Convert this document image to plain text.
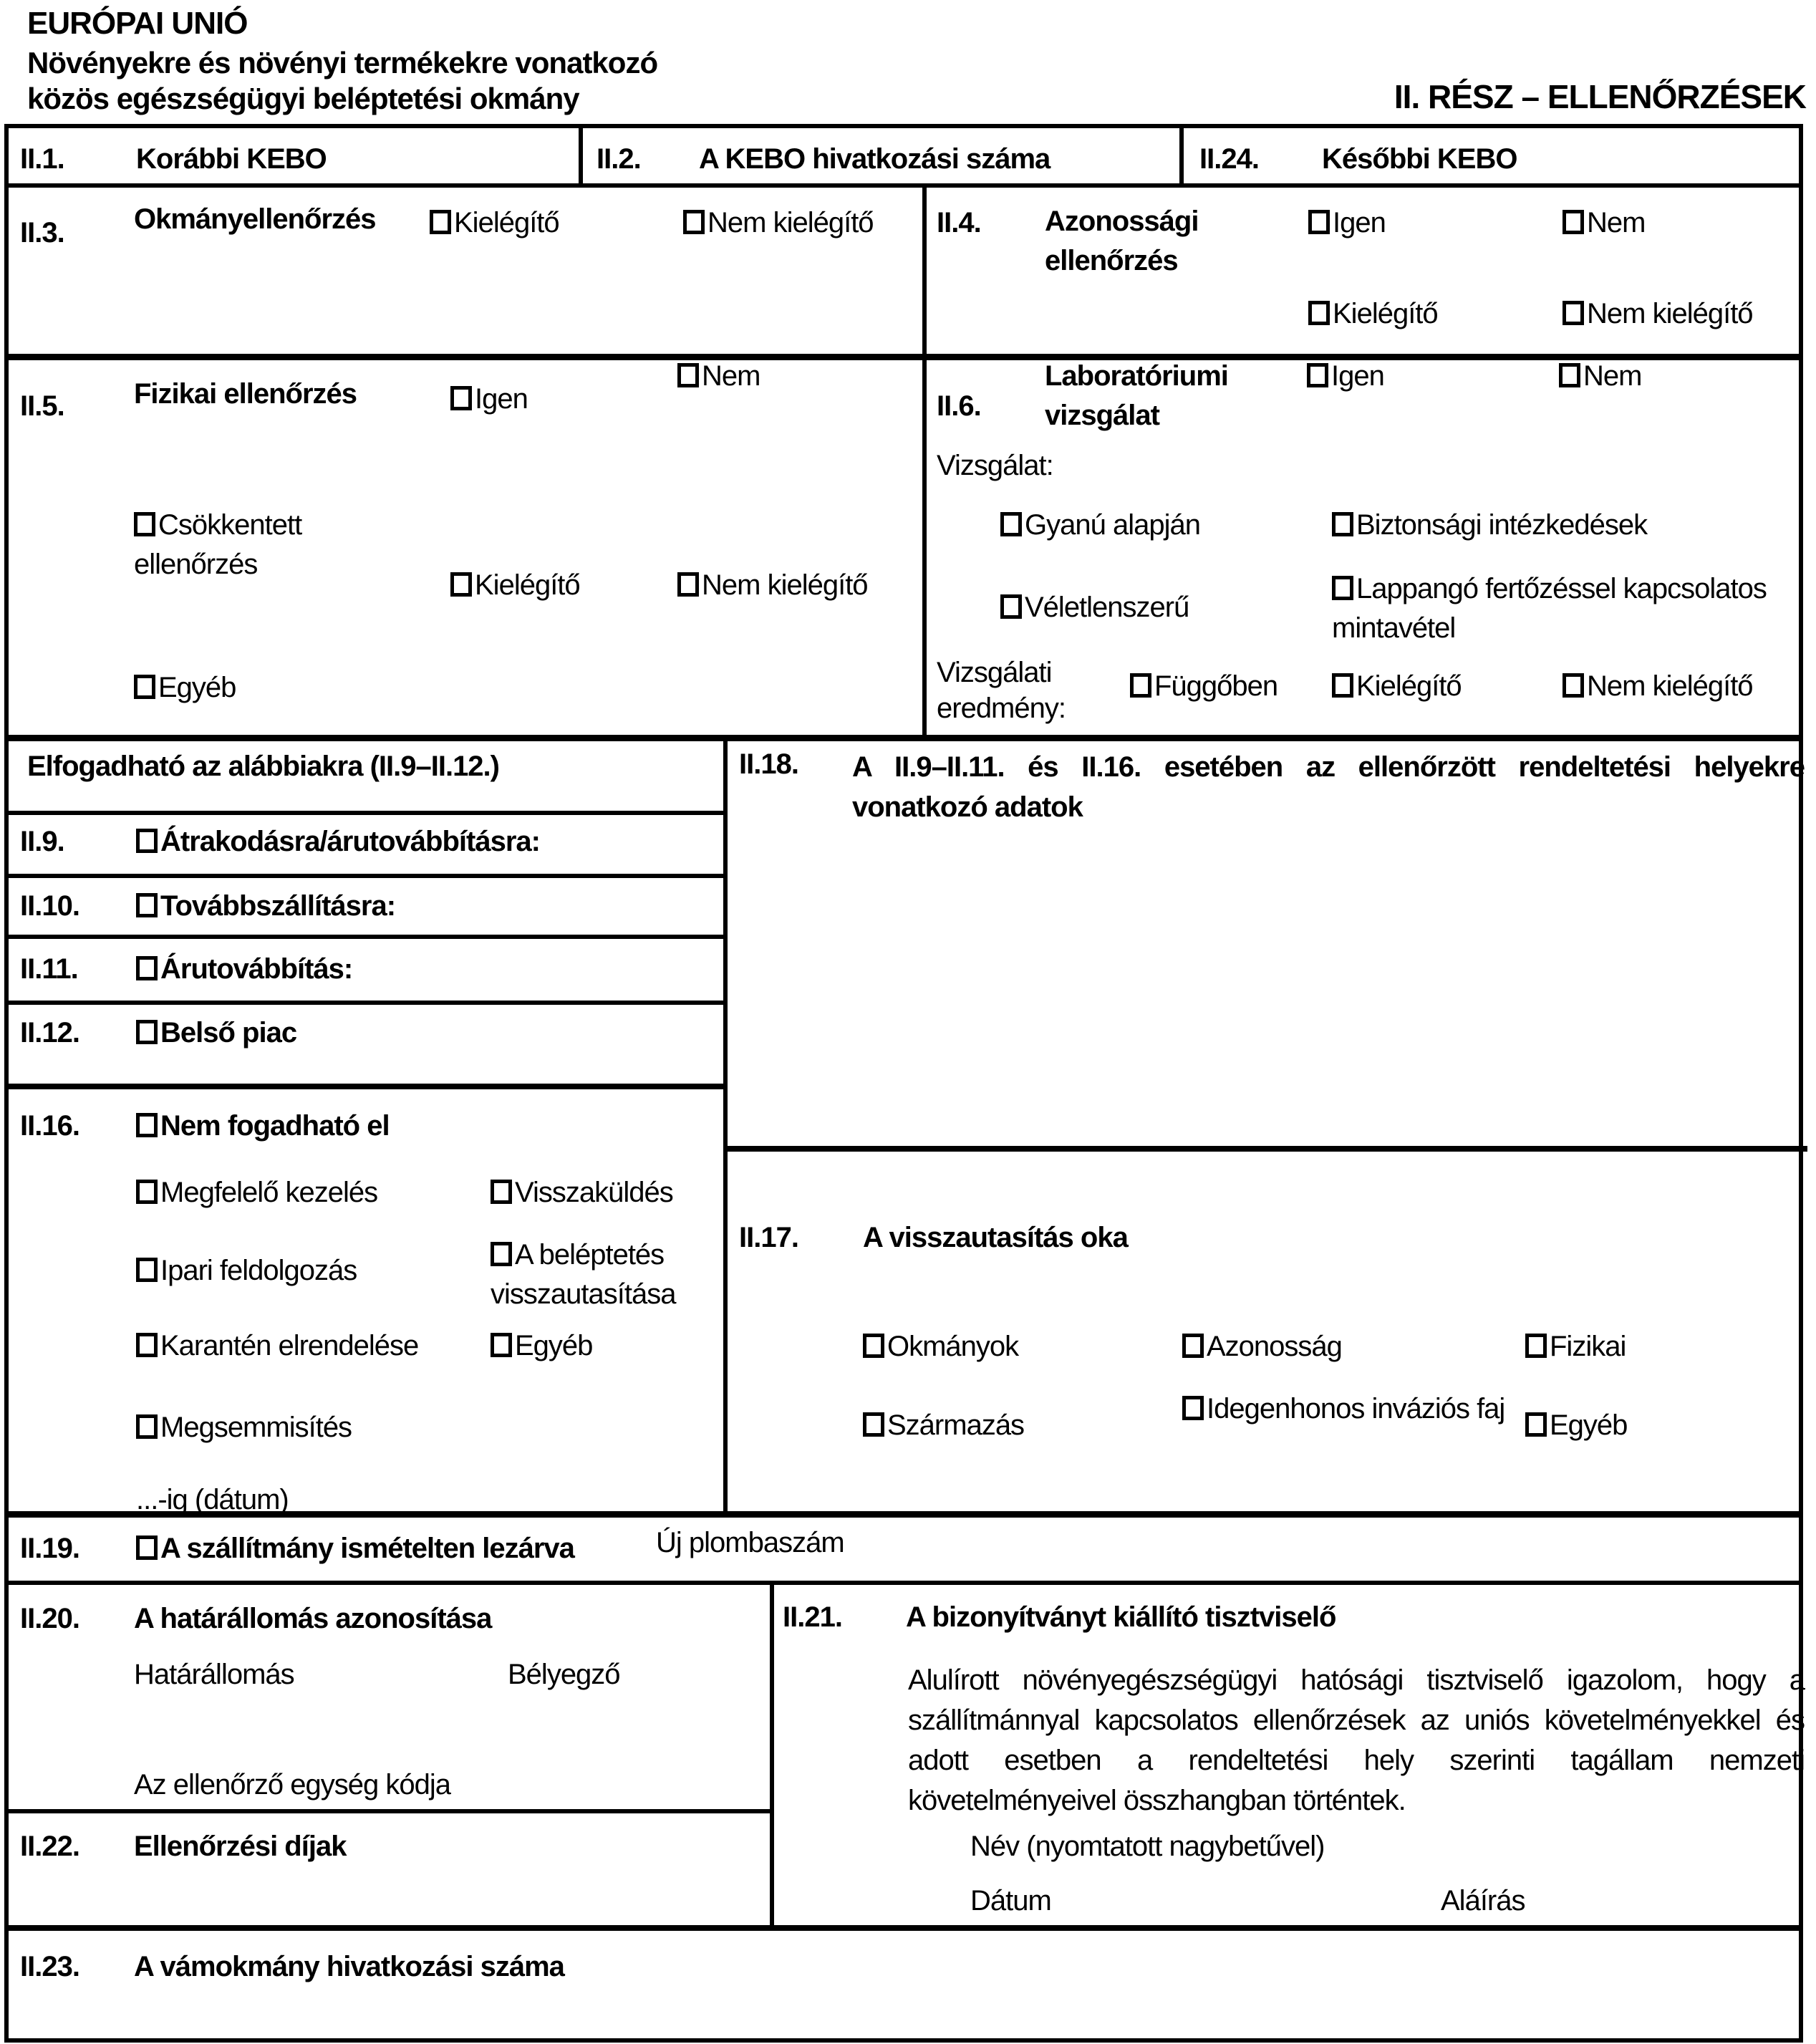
EURÓPAI UNIÓ
Növényekre és növényi termékekre vonatkozó
közös egészségügyi beléptetési okmány	II. RÉSZ – ELLENŐRZÉSEK
II.1.	Korábbi KEBO	II.2. A KEBO hivatkozási száma	II.24. Későbbi KEBO
II.3. Okmányellenőrzés	Kielégítő	Nem kielégítő II.4. Azonossági ellenőrzés
Igen	Nem
Kielégítő	Nem kielégítő
II.5. Fizikai ellenőrzés	Igen
Nem
Csökkentett ellenőrzés
Kielégítő	Nem kielégítő
Egyéb
II.6.
Laboratóriumi vizsgálat
Igen	Nem
Vizsgálat:
Gyanú alapján	Biztonsági intézkedések
Véletlenszerű
Lappangó fertőzéssel kapcsolatos mintavétel
Vizsgálati eredmény:
Függőben	Kielégítő	Nem kielégítő
Elfogadható az alábbiakra (II.9–II.12.)
II.9.	Átrakodásra/árutovábbításra:
II.10.	Továbbszállításra:
II.11.	Árutovábbítás:
II.12.	Belső piac
II.16.	Nem fogadható el
Megfelelő kezelés	Visszaküldés
Ipari feldolgozás	A beléptetés visszautasítása
Karantén elrendelése	Egyéb
Megsemmisítés
...-ig (dátum)
II.18. A II.9–II.11. és II.16. esetében az ellenőrzött rendeltetési helyekre vonatkozó adatok
II.17. A visszautasítás oka
Okmányok	Azonosság	Fizikai
Származás
Idegenhonos inváziós faj
Egyéb
II.19.	A szállítmány ismételten lezárva	Új plombaszám
II.20. A határállomás azonosítása
Határállomás	Bélyegző
Az ellenőrző egység kódja
II.22. Ellenőrzési díjak
II.21. A bizonyítványt kiállító tisztviselő
Alulírott növényegészségügyi hatósági tisztviselő igazolom, hogy a szállítmánnyal kapcsolatos ellenőrzések az uniós követelményekkel és adott esetben a rendeltetési hely szerinti tagállam nemzeti követelményeivel összhangban történtek.
Név (nyomtatott nagybetűvel)
Dátum	Aláírás
II.23. A vámokmány hivatkozási száma
